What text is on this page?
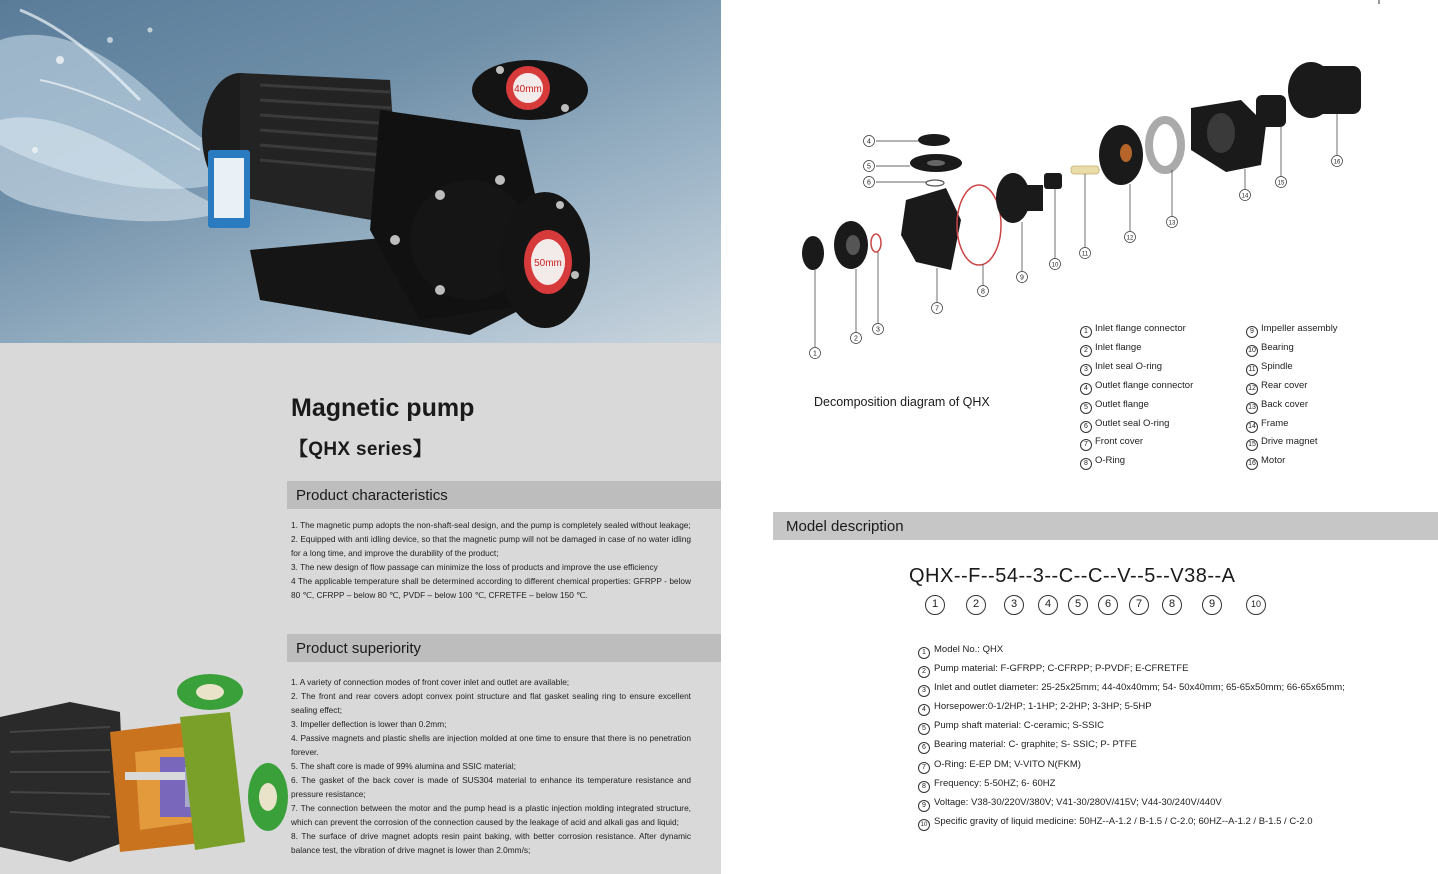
40mm
50mm
Magnetic pump
【QHX series】
Product characteristics

1. The magnetic pump adopts the non-shaft-seal design, and the pump is completely sealed without leakage;

2. Equipped with anti idling device, so that the magnetic pump will not be damaged in case of no water idling for a long time, and improve the durability of the product;

3. The new design of flow passage can minimize the loss of products and improve the use efficiency

4 The applicable temperature shall be determined according to different chemical properties: GFRPP - below 80 ℃, CFRPP – below 80 ℃, PVDF – below 100 ℃, CFRETFE – below 150 ℃.

Product superiority

1. A variety of connection modes of front cover inlet and outlet are available;

2. The front and rear covers adopt convex point structure and flat gasket sealing ring to ensure excellent sealing effect;

3. Impeller deflection is lower than 0.2mm;

4. Passive magnets and plastic shells are injection molded at one time to ensure that there is no penetration forever.

5. The shaft core is made of 99% alumina and SSIC material;

6. The gasket of the back cover is made of SUS304 material to enhance its temperature resistance and pressure resistance;

7. The connection between the motor and the pump head is a plastic injection molding integrated structure, which can prevent the corrosion of the connection caused by the leakage of acid and alkali gas and liquid;

8. The surface of drive magnet adopts resin paint baking, with better corrosion resistance. After dynamic balance test, the vibration of drive magnet is lower than 2.0mm/s;

1
2
3
4
5
6
7
8
9
10
11
12
13
14
15
16
Decomposition diagram of QHX
1 Inlet flange connector
2 Inlet flange
3 Inlet seal O-ring
4 Outlet flange connector
5 Outlet flange
6 Outlet seal O-ring
7 Front cover
8 O-Ring
9 Impeller assembly
10 Bearing
11 Spindle
12 Rear cover
13 Back cover
14 Frame
15 Drive magnet
16 Motor
Model description
QHX--F--54--3--C--C--V--5--V38--A
1	2	3	4	5	6	7	8	9	10
1 Model No.: QHX
2 Pump material: F-GFRPP; C-CFRPP; P-PVDF; E-CFRETFE
3 Inlet and outlet diameter: 25-25x25mm; 44-40x40mm; 54- 50x40mm; 65-65x50mm; 66-65x65mm;
4 Horsepower:0-1/2HP; 1-1HP; 2-2HP; 3-3HP; 5-5HP
5 Pump shaft material: C-ceramic; S-SSIC
6 Bearing material: C- graphite; S- SSIC; P- PTFE
7 O-Ring: E-EP DM; V-VITO N(FKM)
8 Frequency: 5-50HZ; 6- 60HZ
9 Voltage: V38-30/220V/380V; V41-30/280V/415V; V44-30/240V/440V
10 Specific gravity of liquid medicine: 50HZ--A-1.2 / B-1.5 / C-2.0; 60HZ--A-1.2 / B-1.5 / C-2.0
